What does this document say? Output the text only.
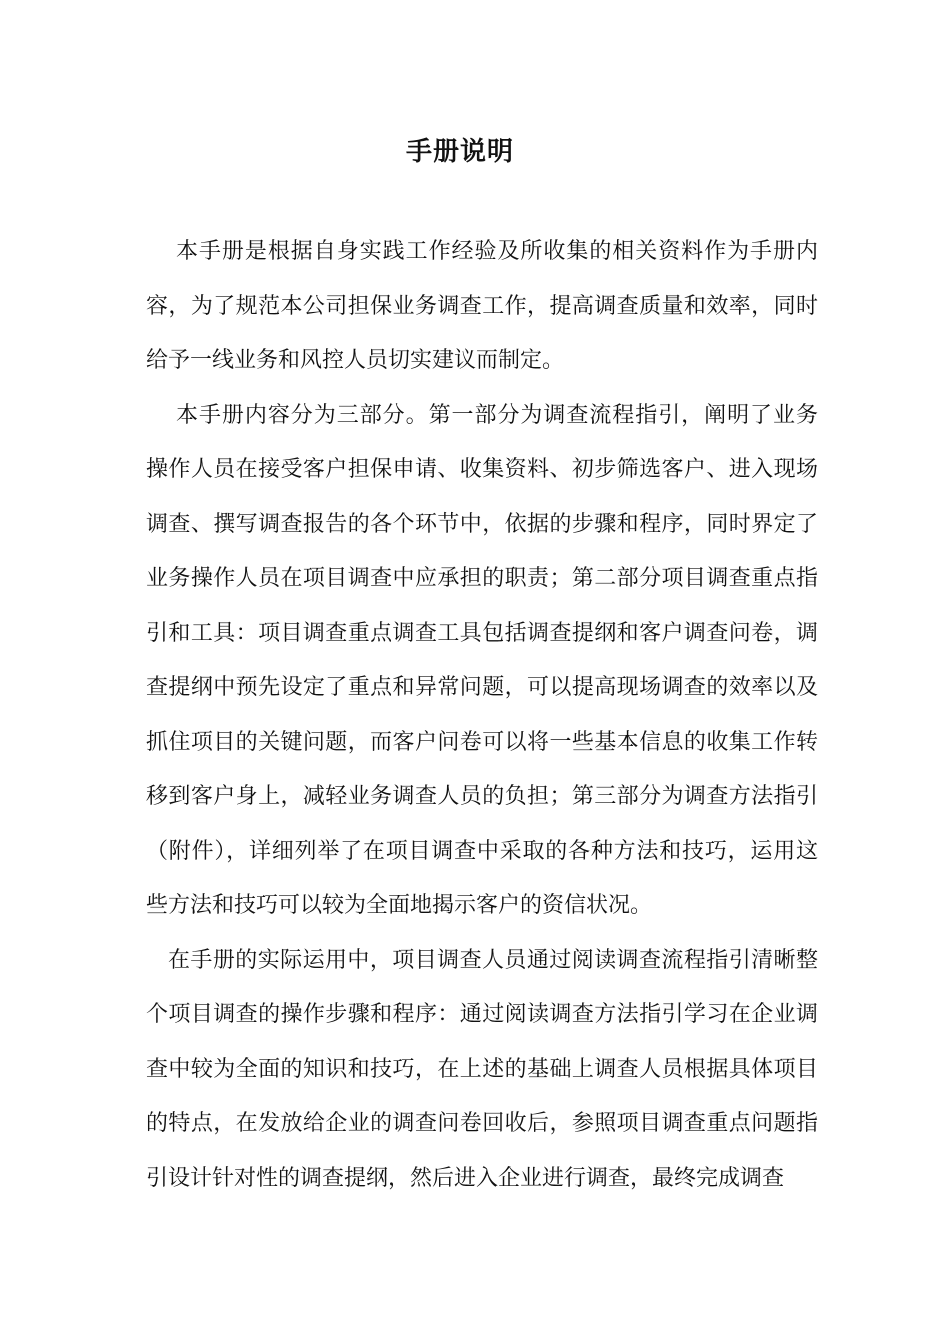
手册说明
本手册是根据自身实践工作经验及所收集的相关资料作为手册内
容，为了规范本公司担保业务调查工作，提高调查质量和效率，同时
给予一线业务和风控人员切实建议而制定。
本手册内容分为三部分。第一部分为调查流程指引，阐明了业务
操作人员在接受客户担保申请、收集资料、初步筛选客户、进入现场
调查、撰写调查报告的各个环节中，依据的步骤和程序，同时界定了
业务操作人员在项目调查中应承担的职责；第二部分项目调查重点指
引和工具：项目调查重点调查工具包括调查提纲和客户调查问卷，调
查提纲中预先设定了重点和异常问题，可以提高现场调查的效率以及
抓住项目的关键问题，而客户问卷可以将一些基本信息的收集工作转
移到客户身上，减轻业务调查人员的负担；第三部分为调查方法指引
（附件），详细列举了在项目调查中采取的各种方法和技巧，运用这
些方法和技巧可以较为全面地揭示客户的资信状况。
在手册的实际运用中，项目调查人员通过阅读调查流程指引清晰整
个项目调查的操作步骤和程序：通过阅读调查方法指引学习在企业调
查中较为全面的知识和技巧，在上述的基础上调查人员根据具体项目
的特点，在发放给企业的调查问卷回收后，参照项目调查重点问题指
引设计针对性的调查提纲，然后进入企业进行调查，最终完成调查
